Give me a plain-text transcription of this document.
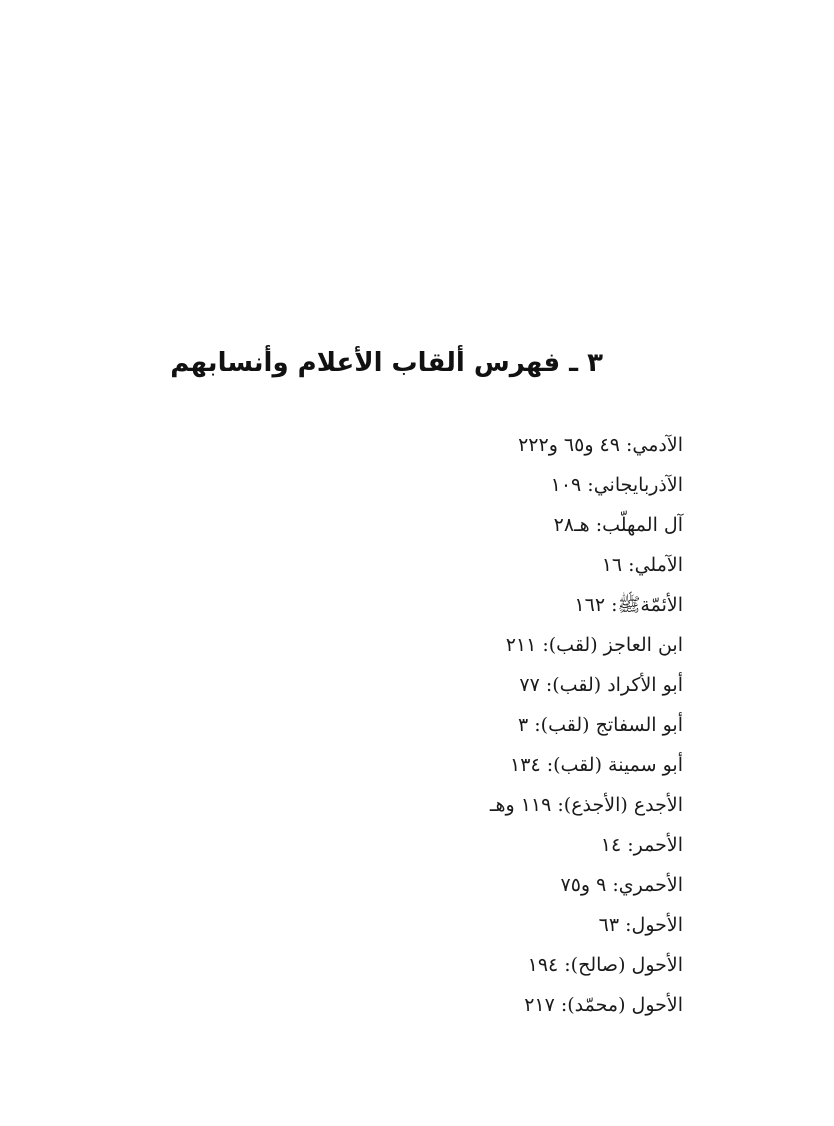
٣ ـ فهرس ألقاب الأعلام وأنسابهم
الآدمي: ٤٩ و٦٥ و٢٢٢
الآذربايجاني: ١٠٩
آل المهلّب: هـ٢٨
الآملي: ١٦
الأئمّةﷺ: ١٦٢
ابن العاجز (لقب): ٢١١
أبو الأكراد (لقب): ٧٧
أبو السفاتج (لقب): ٣
أبو سمينة (لقب): ١٣٤
الأجدع (الأجذع): ١١٩ وهـ
الأحمر: ١٤
الأحمري: ٩ و٧٥
الأحول: ٦٣
الأحول (صالح): ١٩٤
الأحول (محمّد): ٢١٧
